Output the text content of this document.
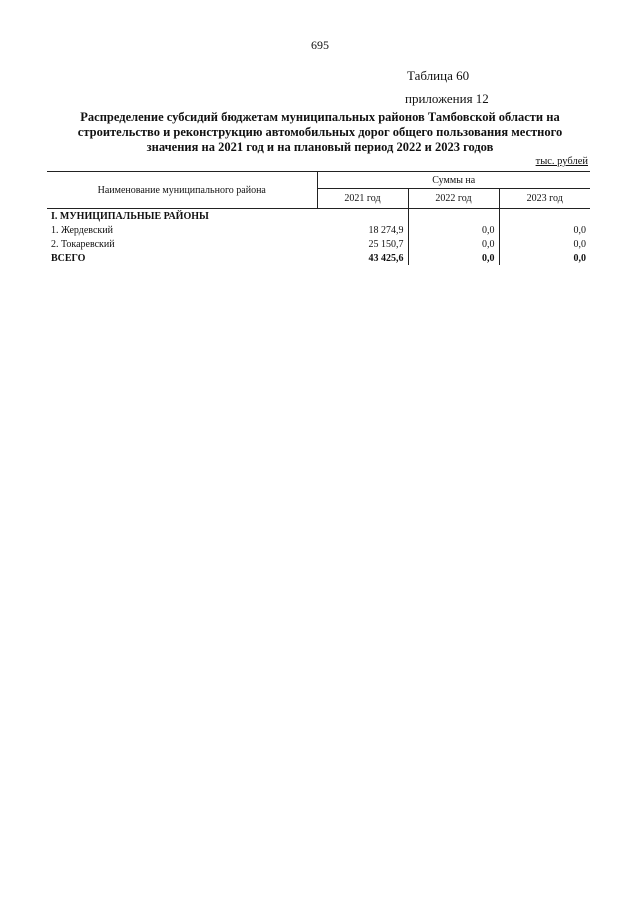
695
Таблица 60
приложения 12
Распределение субсидий бюджетам муниципальных районов Тамбовской области на строительство и реконструкцию автомобильных дорог общего пользования местного значения на 2021 год и на плановый период 2022 и 2023 годов
тыс. рублей
Наименование муниципального района	Суммы на		
	2021 год	2022 год	2023 год
I. МУНИЦИПАЛЬНЫЕ РАЙОНЫ			
1. Жердевский	18 274,9	0,0	0,0
2. Токаревский	25 150,7	0,0	0,0
ВСЕГО	43 425,6	0,0	0,0
